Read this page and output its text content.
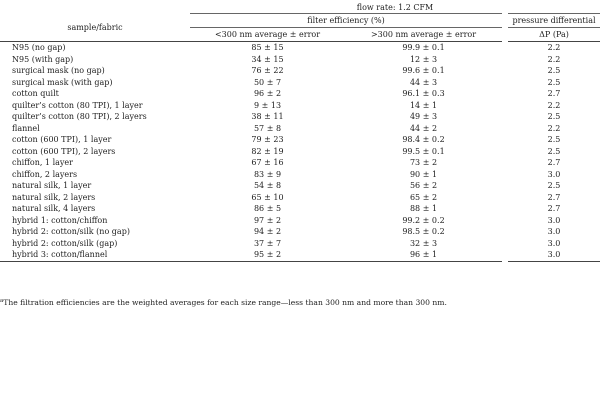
	flow rate: 1.2 CFM		
sample/fabric	filter efficiency (%)		pressure differential
	<300 nm average ± error	>300 nm average ± error	ΔP (Pa)
N95 (no gap)	85 ± 15	99.9 ± 0.1	2.2
N95 (with gap)	34 ± 15	12 ± 3	2.2
surgical mask (no gap)	76 ± 22	99.6 ± 0.1	2.5
surgical mask (with gap)	50 ± 7	44 ± 3	2.5
cotton quilt	96 ± 2	96.1 ± 0.3	2.7
quilter’s cotton (80 TPI), 1 layer	9 ± 13	14 ± 1	2.2
quilter’s cotton (80 TPI), 2 layers	38 ± 11	49 ± 3	2.5
flannel	57 ± 8	44 ± 2	2.2
cotton (600 TPI), 1 layer	79 ± 23	98.4 ± 0.2	2.5
cotton (600 TPI), 2 layers	82 ± 19	99.5 ± 0.1	2.5
chiffon, 1 layer	67 ± 16	73 ± 2	2.7
chiffon, 2 layers	83 ± 9	90 ± 1	3.0
natural silk, 1 layer	54 ± 8	56 ± 2	2.5
natural silk, 2 layers	65 ± 10	65 ± 2	2.7
natural silk, 4 layers	86 ± 5	88 ± 1	2.7
hybrid 1: cotton/chiffon	97 ± 2	99.2 ± 0.2	3.0
hybrid 2: cotton/silk (no gap)	94 ± 2	98.5 ± 0.2	3.0
hybrid 2: cotton/silk (gap)	37 ± 7	32 ± 3	3.0
hybrid 3: cotton/flannel	95 ± 2	96 ± 1	3.0
$^a$The filtration efficiencies are the weighted averages for each size range—less than 300 nm and more than 300 nm.
